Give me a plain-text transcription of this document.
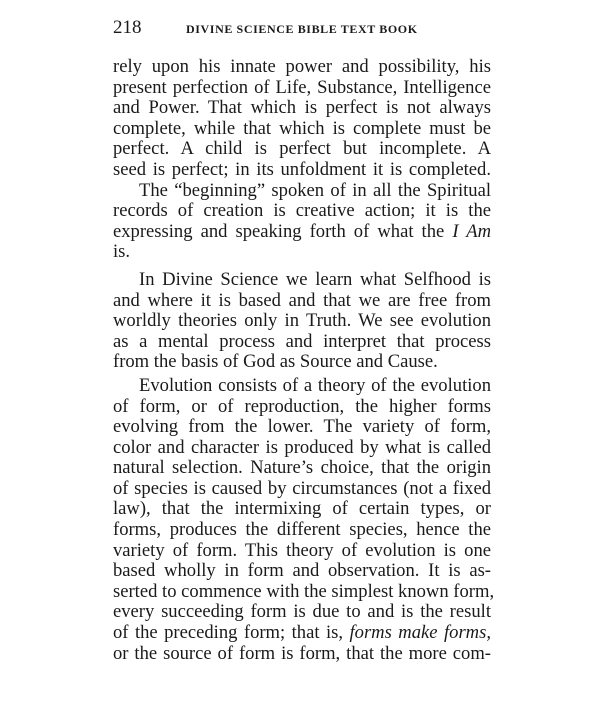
218	DIVINE SCIENCE BIBLE TEXT BOOK
rely upon his innate power and possibility, his
present perfection of Life, Substance, Intelligence
and Power. That which is perfect is not always
complete, while that which is complete must be
perfect. A child is perfect but incomplete. A
seed is perfect; in its unfoldment it is completed.
The “beginning” spoken of in all the Spiritual
records of creation is creative action; it is the
expressing and speaking forth of what the I Am
is.
In Divine Science we learn what Selfhood is
and where it is based and that we are free from
worldly theories only in Truth. We see evolution
as a mental process and interpret that process
from the basis of God as Source and Cause.
Evolution consists of a theory of the evolution
of form, or of reproduction, the higher forms
evolving from the lower. The variety of form,
color and character is produced by what is called
natural selection. Nature’s choice, that the origin
of species is caused by circumstances (not a fixed
law), that the intermixing of certain types, or
forms, produces the different species, hence the
variety of form. This theory of evolution is one
based wholly in form and observation. It is as-
serted to commence with the simplest known form,
every succeeding form is due to and is the result
of the preceding form; that is, forms make forms,
or the source of form is form, that the more com-
